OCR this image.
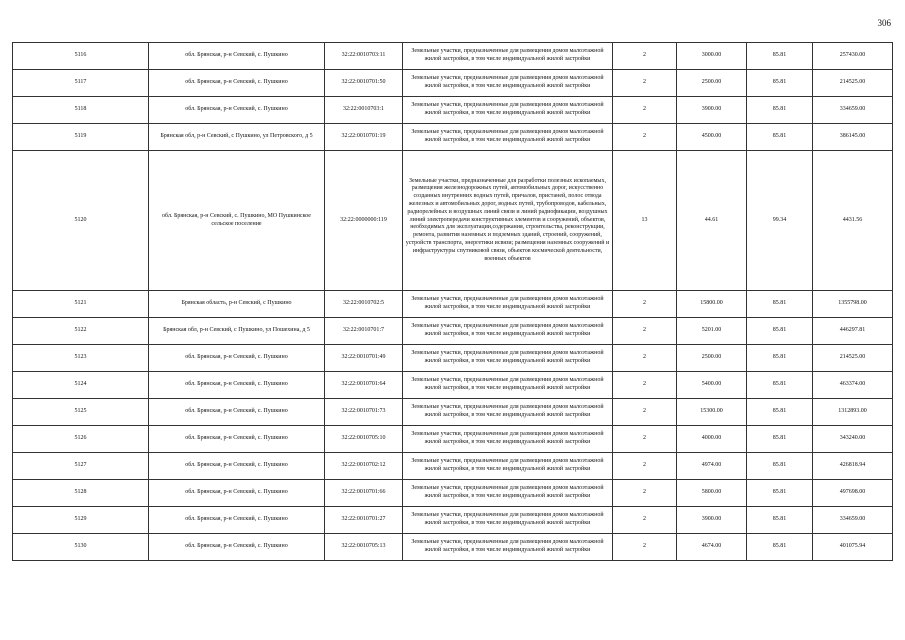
306
5116	обл. Брянская, р-н Севский, с. Пушкино	32:22:0010703:11	Земельные участки, предназначенные для размещения домов малоэтажной жилой застройки, в том числе индивидуальной жилой застройки	2	3000.00	85.81	257430.00
5117	обл. Брянская, р-н Севский, с. Пушкино	32:22:0010701:50	Земельные участки, предназначенные для размещения домов малоэтажной жилой застройки, в том числе индивидуальной жилой застройки	2	2500.00	85.81	214525.00
5118	обл. Брянская, р-н Севский, с. Пушкино	32:22:0010703:1	Земельные участки, предназначенные для размещения домов малоэтажной жилой застройки, в том числе индивидуальной жилой застройки	2	3900.00	85.81	334659.00
5119	Брянская обл, р-н Севский, с Пушкино, ул Петровского, д 5	32:22:0010701:19	Земельные участки, предназначенные для размещения домов малоэтажной жилой застройки, в том числе индивидуальной жилой застройки	2	4500.00	85.81	386145.00
5120	обл. Брянская, р-н Севский, с. Пушкино, МО Пушкинское сельское поселение	32:22:0000000:119	Земельные участки, предназначенные для разработки полезных ископаемых, размещения железнодорожных путей, автомобильных дорог, искусственно созданных внутренних водных путей, причалов, пристаней, полос отвода железных и автомобильных дорог, водных путей, трубопроводов, кабельных, радиорелейных и воздушных линий связи и линий радиофикации, воздушных линий электропередачи конструктивных элементов и сооружений, объектов, необходимых для эксплуатации,содержания, строительства, реконструкции, ремонта, развития наземных и подземных зданий, строений, сооружений, устройств транспорта, энергетики исвязи; размещения наземных сооружений и инфраструктуры спутниковой связи, объектов космической деятельности, военных объектов	13	44.61	99.34	4431.56
5121	Брянская область, р-н Севский, с Пушкино	32:22:0010702:5	Земельные участки, предназначенные для размещения домов малоэтажной жилой застройки, в том числе индивидуальной жилой застройки	2	15800.00	85.81	1355798.00
5122	Брянская обл, р-н Севский, с Пушкино, ул Пошехина, д 5	32:22:0010701:7	Земельные участки, предназначенные для размещения домов малоэтажной жилой застройки, в том числе индивидуальной жилой застройки	2	5201.00	85.81	446297.81
5123	обл. Брянская, р-н Севский, с. Пушкино	32:22:0010701:49	Земельные участки, предназначенные для размещения домов малоэтажной жилой застройки, в том числе индивидуальной жилой застройки	2	2500.00	85.81	214525.00
5124	обл. Брянская, р-н Севский, с. Пушкино	32:22:0010701:64	Земельные участки, предназначенные для размещения домов малоэтажной жилой застройки, в том числе индивидуальной жилой застройки	2	5400.00	85.81	463374.00
5125	обл. Брянская, р-н Севский, с. Пушкино	32:22:0010701:73	Земельные участки, предназначенные для размещения домов малоэтажной жилой застройки, в том числе индивидуальной жилой застройки	2	15300.00	85.81	1312893.00
5126	обл. Брянская, р-н Севский, с. Пушкино	32:22:0010705:10	Земельные участки, предназначенные для размещения домов малоэтажной жилой застройки, в том числе индивидуальной жилой застройки	2	4000.00	85.81	343240.00
5127	обл. Брянская, р-н Севский, с. Пушкино	32:22:0010702:12	Земельные участки, предназначенные для размещения домов малоэтажной жилой застройки, в том числе индивидуальной жилой застройки	2	4974.00	85.81	426818.94
5128	обл. Брянская, р-н Севский, с. Пушкино	32:22:0010701:66	Земельные участки, предназначенные для размещения домов малоэтажной жилой застройки, в том числе индивидуальной жилой застройки	2	5800.00	85.81	497698.00
5129	обл. Брянская, р-н Севский, с. Пушкино	32:22:0010701:27	Земельные участки, предназначенные для размещения домов малоэтажной жилой застройки, в том числе индивидуальной жилой застройки	2	3900.00	85.81	334659.00
5130	обл. Брянская, р-н Севский, с. Пушкино	32:22:0010705:13	Земельные участки, предназначенные для размещения домов малоэтажной жилой застройки, в том числе индивидуальной жилой застройки	2	4674.00	85.81	401075.94
